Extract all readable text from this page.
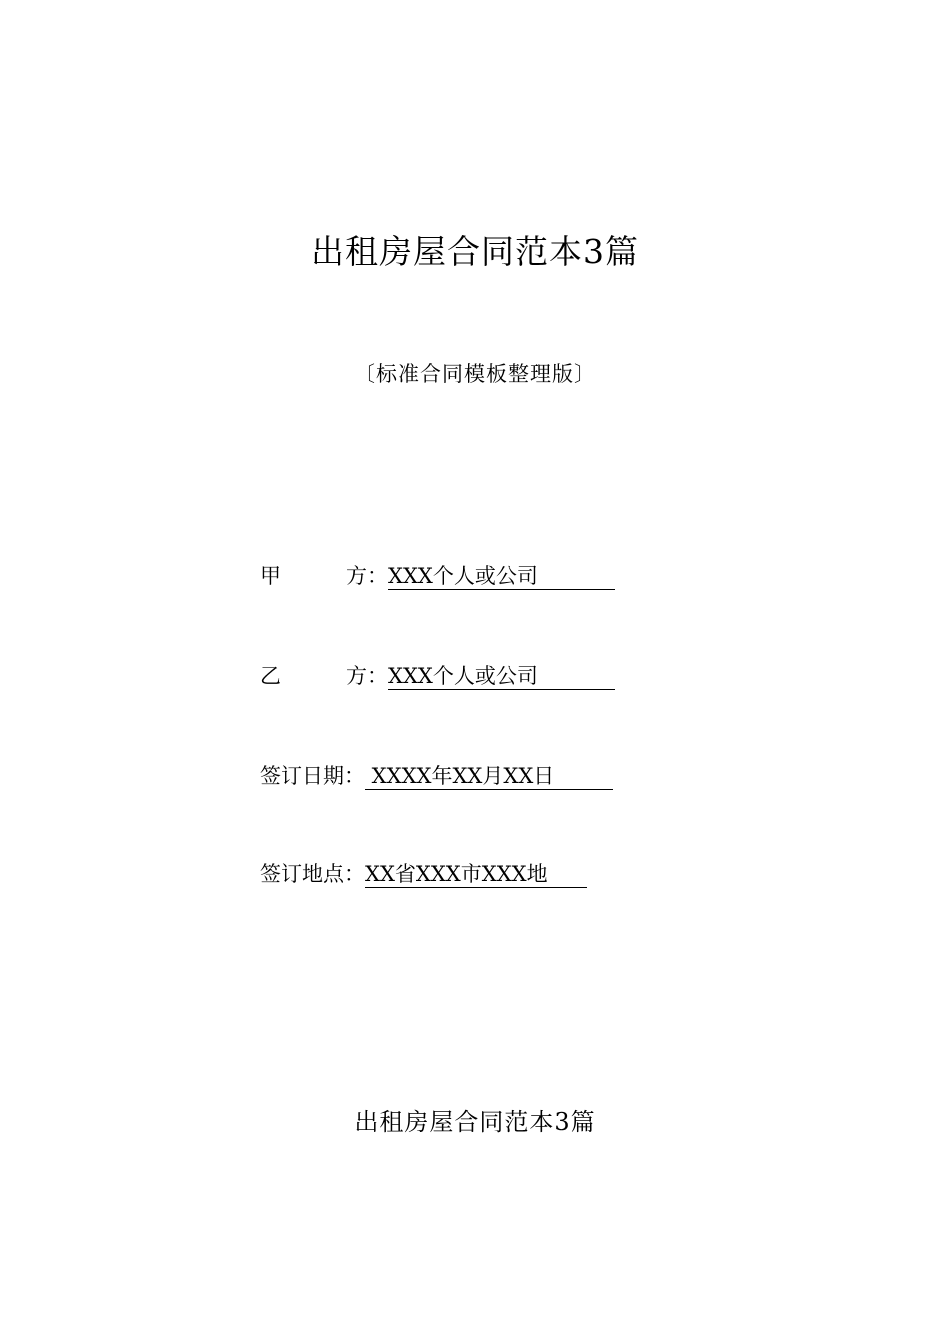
出租房屋合同范本3篇
〔标准合同模板整理版〕
甲	方： XXX个人或公司
乙	方： XXX个人或公司
签订日期： XXXX年XX月XX日
签订地点： XX省XXX市XXX地
出租房屋合同范本3篇
